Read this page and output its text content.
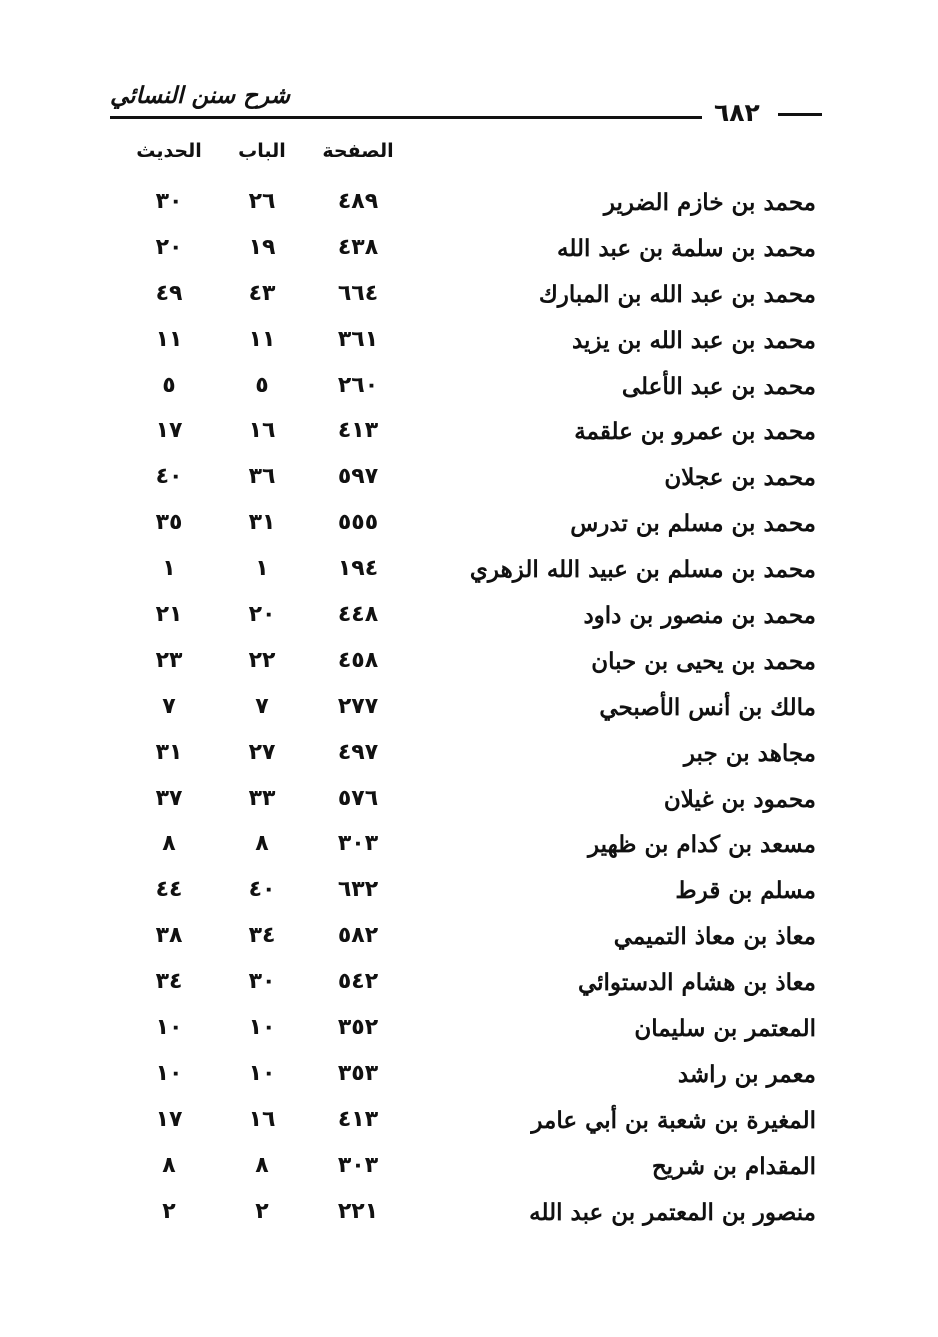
شرح سنن النسائي
٦٨٢
الصفحة
الباب
الحديث
محمد بن خازم الضرير
٤٨٩
٢٦
٣٠
محمد بن سلمة بن عبد الله
٤٣٨
١٩
٢٠
محمد بن عبد الله بن المبارك
٦٦٤
٤٣
٤٩
محمد بن عبد الله بن يزيد
٣٦١
١١
١١
محمد بن عبد الأعلى
٢٦٠
٥
٥
محمد بن عمرو بن علقمة
٤١٣
١٦
١٧
محمد بن عجلان
٥٩٧
٣٦
٤٠
محمد بن مسلم بن تدرس
٥٥٥
٣١
٣٥
محمد بن مسلم بن عبيد الله الزهري
١٩٤
١
١
محمد بن منصور بن داود
٤٤٨
٢٠
٢١
محمد بن يحيى بن حبان
٤٥٨
٢٢
٢٣
مالك بن أنس الأصبحي
٢٧٧
٧
٧
مجاهد بن جبر
٤٩٧
٢٧
٣١
محمود بن غيلان
٥٧٦
٣٣
٣٧
مسعد بن كدام بن ظهير
٣٠٣
٨
٨
مسلم بن قرط
٦٣٢
٤٠
٤٤
معاذ بن معاذ التميمي
٥٨٢
٣٤
٣٨
معاذ بن هشام الدستوائي
٥٤٢
٣٠
٣٤
المعتمر بن سليمان
٣٥٢
١٠
١٠
معمر بن راشد
٣٥٣
١٠
١٠
المغيرة بن شعبة بن أبي عامر
٤١٣
١٦
١٧
المقدام بن شريح
٣٠٣
٨
٨
منصور بن المعتمر بن عبد الله
٢٢١
٢
٢
